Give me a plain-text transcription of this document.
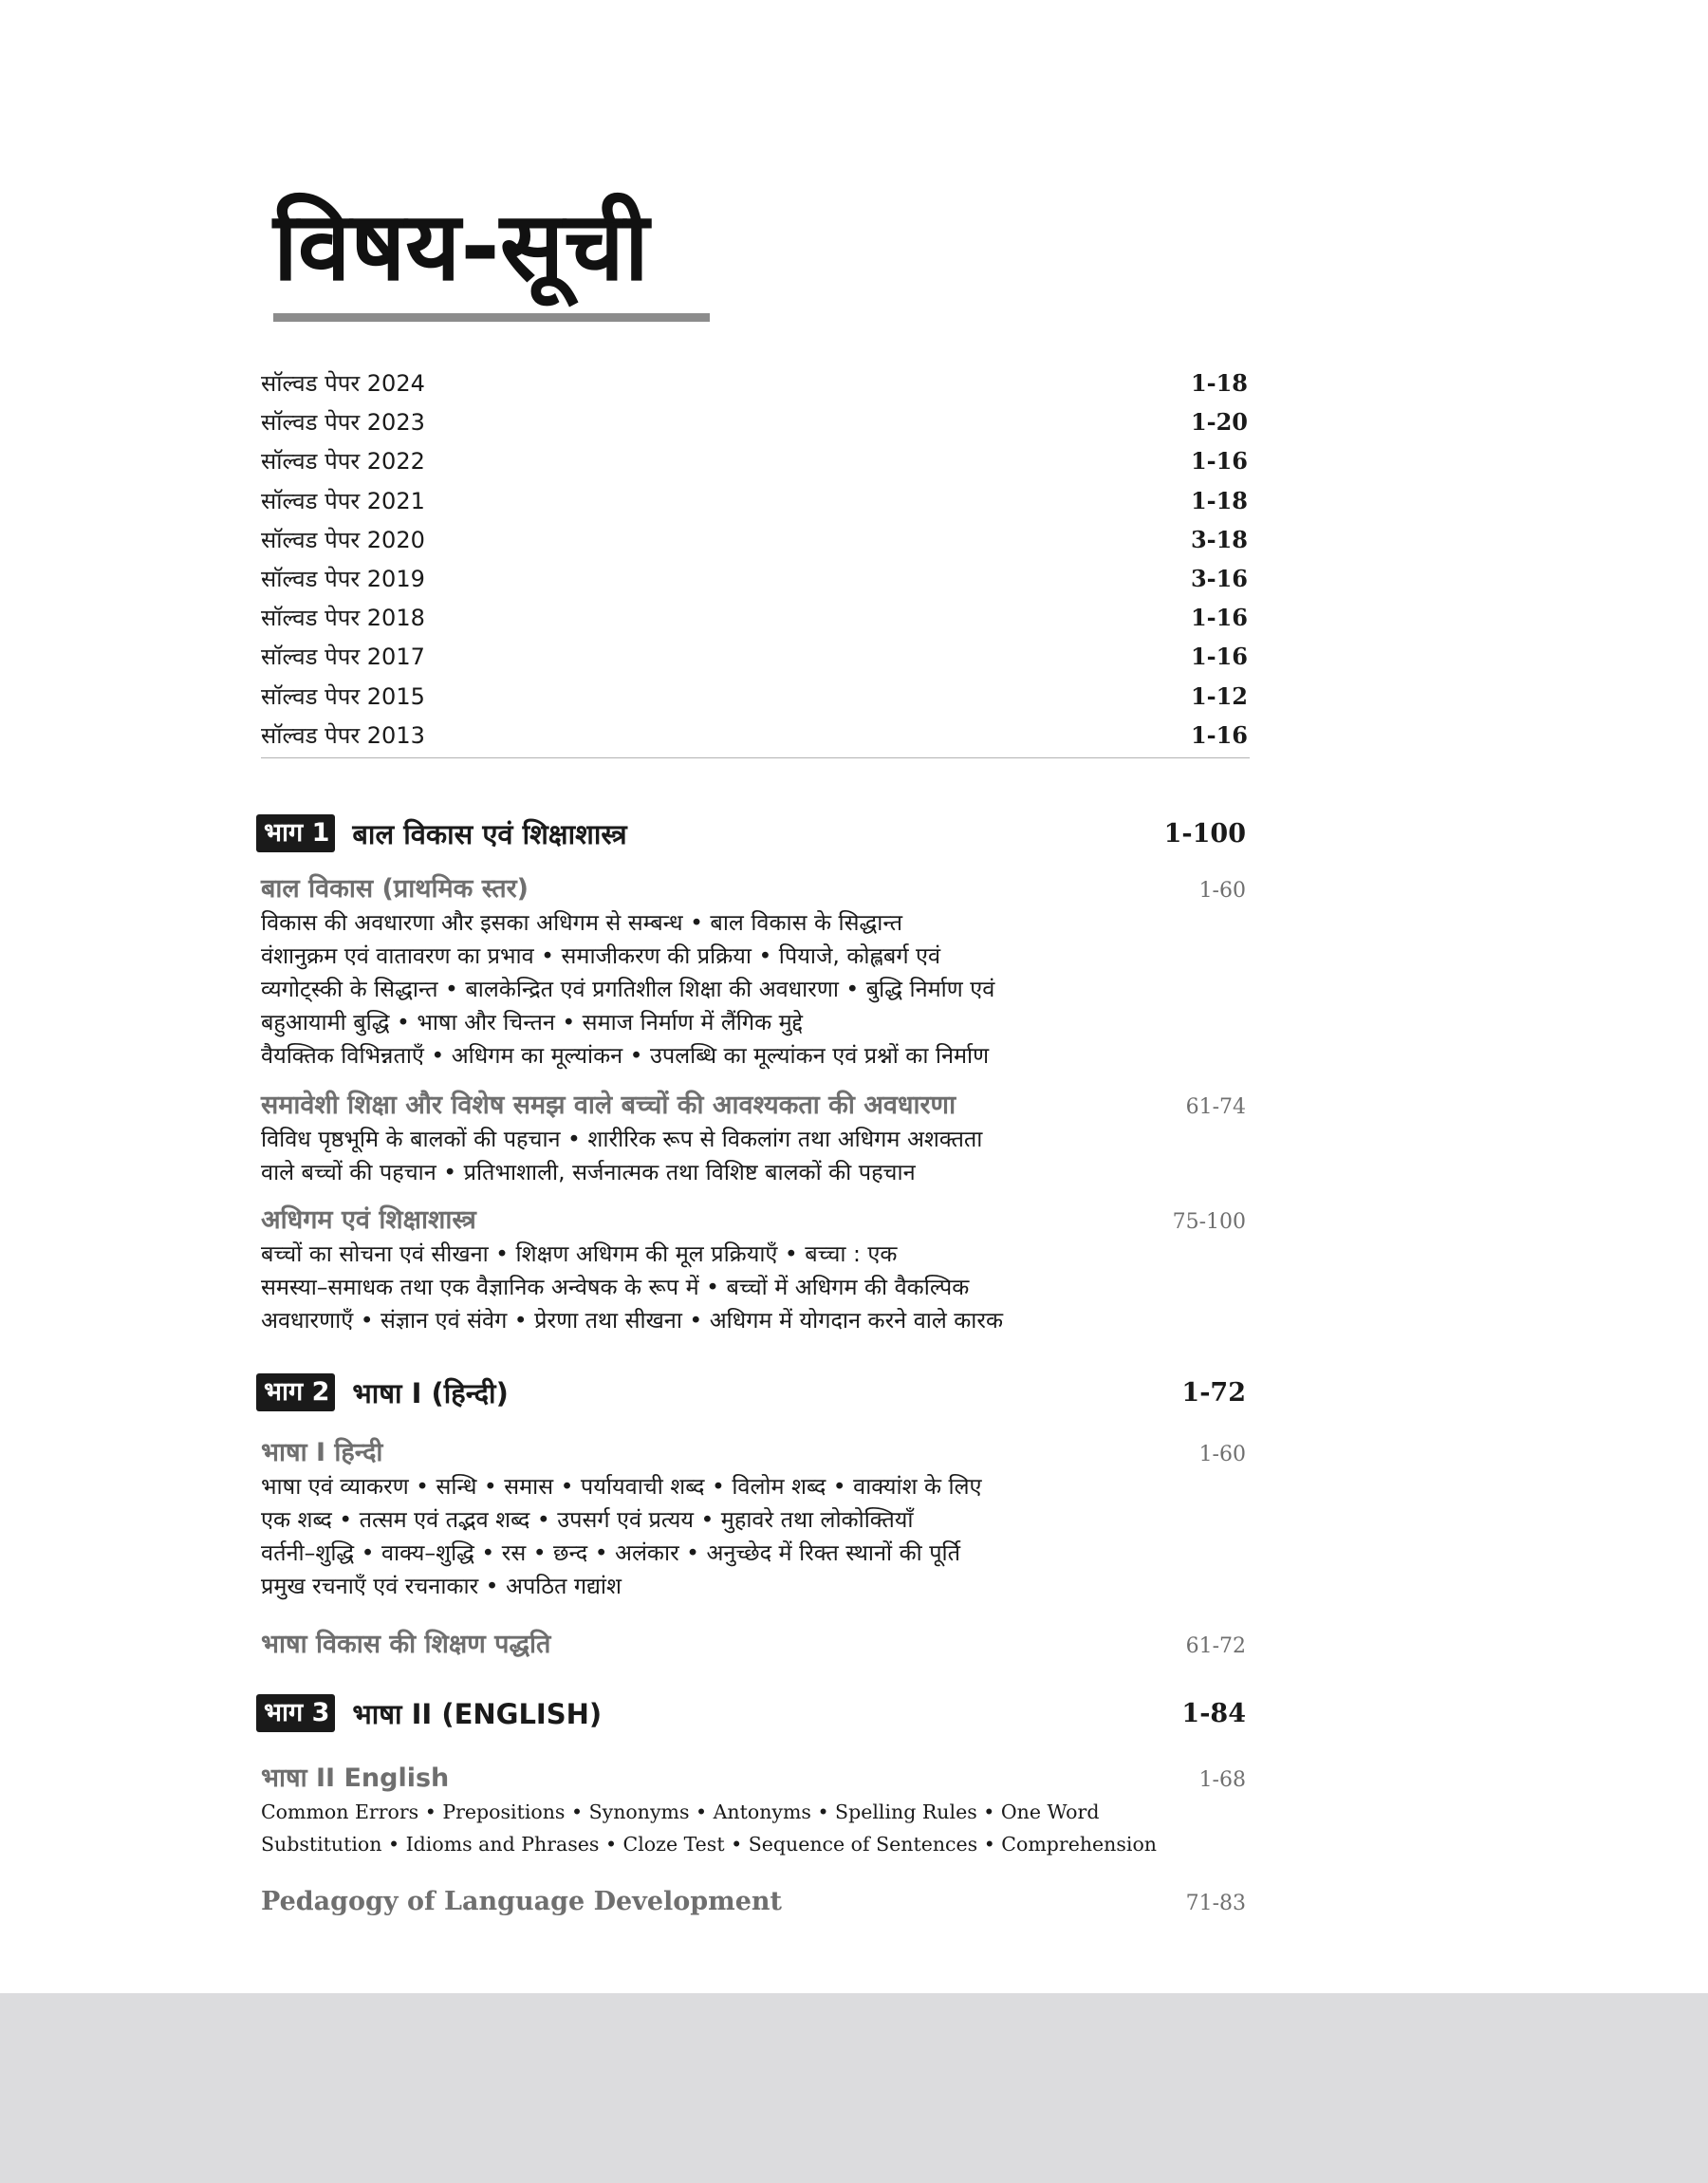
विषय-सूची
सॉल्वड पेपर 2024	1-18
सॉल्वड पेपर 2023	1-20
सॉल्वड पेपर 2022	1-16
सॉल्वड पेपर 2021	1-18
सॉल्वड पेपर 2020	3-18
सॉल्वड पेपर 2019	3-16
सॉल्वड पेपर 2018	1-16
सॉल्वड पेपर 2017	1-16
सॉल्वड पेपर 2015	1-12
सॉल्वड पेपर 2013	1-16
भाग 1 बाल विकास एवं शिक्षाशास्त्र	1-100
बाल विकास (प्राथमिक स्तर)	1-60
विकास की अवधारणा और इसका अधिगम से सम्बन्ध • बाल विकास के सिद्धान्त
वंशानुक्रम एवं वातावरण का प्रभाव • समाजीकरण की प्रक्रिया • पियाजे, कोह्लबर्ग एवं
व्यगोट्स्की के सिद्धान्त • बालकेन्द्रित एवं प्रगतिशील शिक्षा की अवधारणा • बुद्धि निर्माण एवं
बहुआयामी बुद्धि • भाषा और चिन्तन • समाज निर्माण में लैंगिक मुद्दे
वैयक्तिक विभिन्नताएँ • अधिगम का मूल्यांकन • उपलब्धि का मूल्यांकन एवं प्रश्नों का निर्माण
समावेशी शिक्षा और विशेष समझ वाले बच्चों की आवश्यकता की अवधारणा	61-74
विविध पृष्ठभूमि के बालकों की पहचान • शारीरिक रूप से विकलांग तथा अधिगम अशक्तता
वाले बच्चों की पहचान • प्रतिभाशाली, सर्जनात्मक तथा विशिष्ट बालकों की पहचान
अधिगम एवं शिक्षाशास्त्र	75-100
बच्चों का सोचना एवं सीखना • शिक्षण अधिगम की मूल प्रक्रियाएँ • बच्चा : एक
समस्या–समाधक तथा एक वैज्ञानिक अन्वेषक के रूप में • बच्चों में अधिगम की वैकल्पिक
अवधारणाएँ • संज्ञान एवं संवेग • प्रेरणा तथा सीखना • अधिगम में योगदान करने वाले कारक
भाग 2 भाषा I (हिन्दी)	1-72
भाषा I हिन्दी	1-60
भाषा एवं व्याकरण • सन्धि • समास • पर्यायवाची शब्द • विलोम शब्द • वाक्यांश के लिए
एक शब्द • तत्सम एवं तद्भव शब्द • उपसर्ग एवं प्रत्यय • मुहावरे तथा लोकोक्तियाँ
वर्तनी–शुद्धि • वाक्य–शुद्धि • रस • छन्द • अलंकार • अनुच्छेद में रिक्त स्थानों की पूर्ति
प्रमुख रचनाएँ एवं रचनाकार • अपठित गद्यांश
भाषा विकास की शिक्षण पद्धति	61-72
भाग 3 भाषा II (ENGLISH)	1-84
भाषा II English	1-68
Common Errors • Prepositions • Synonyms • Antonyms • Spelling Rules • One Word
Substitution • Idioms and Phrases • Cloze Test • Sequence of Sentences • Comprehension
Pedagogy of Language Development	71-83
